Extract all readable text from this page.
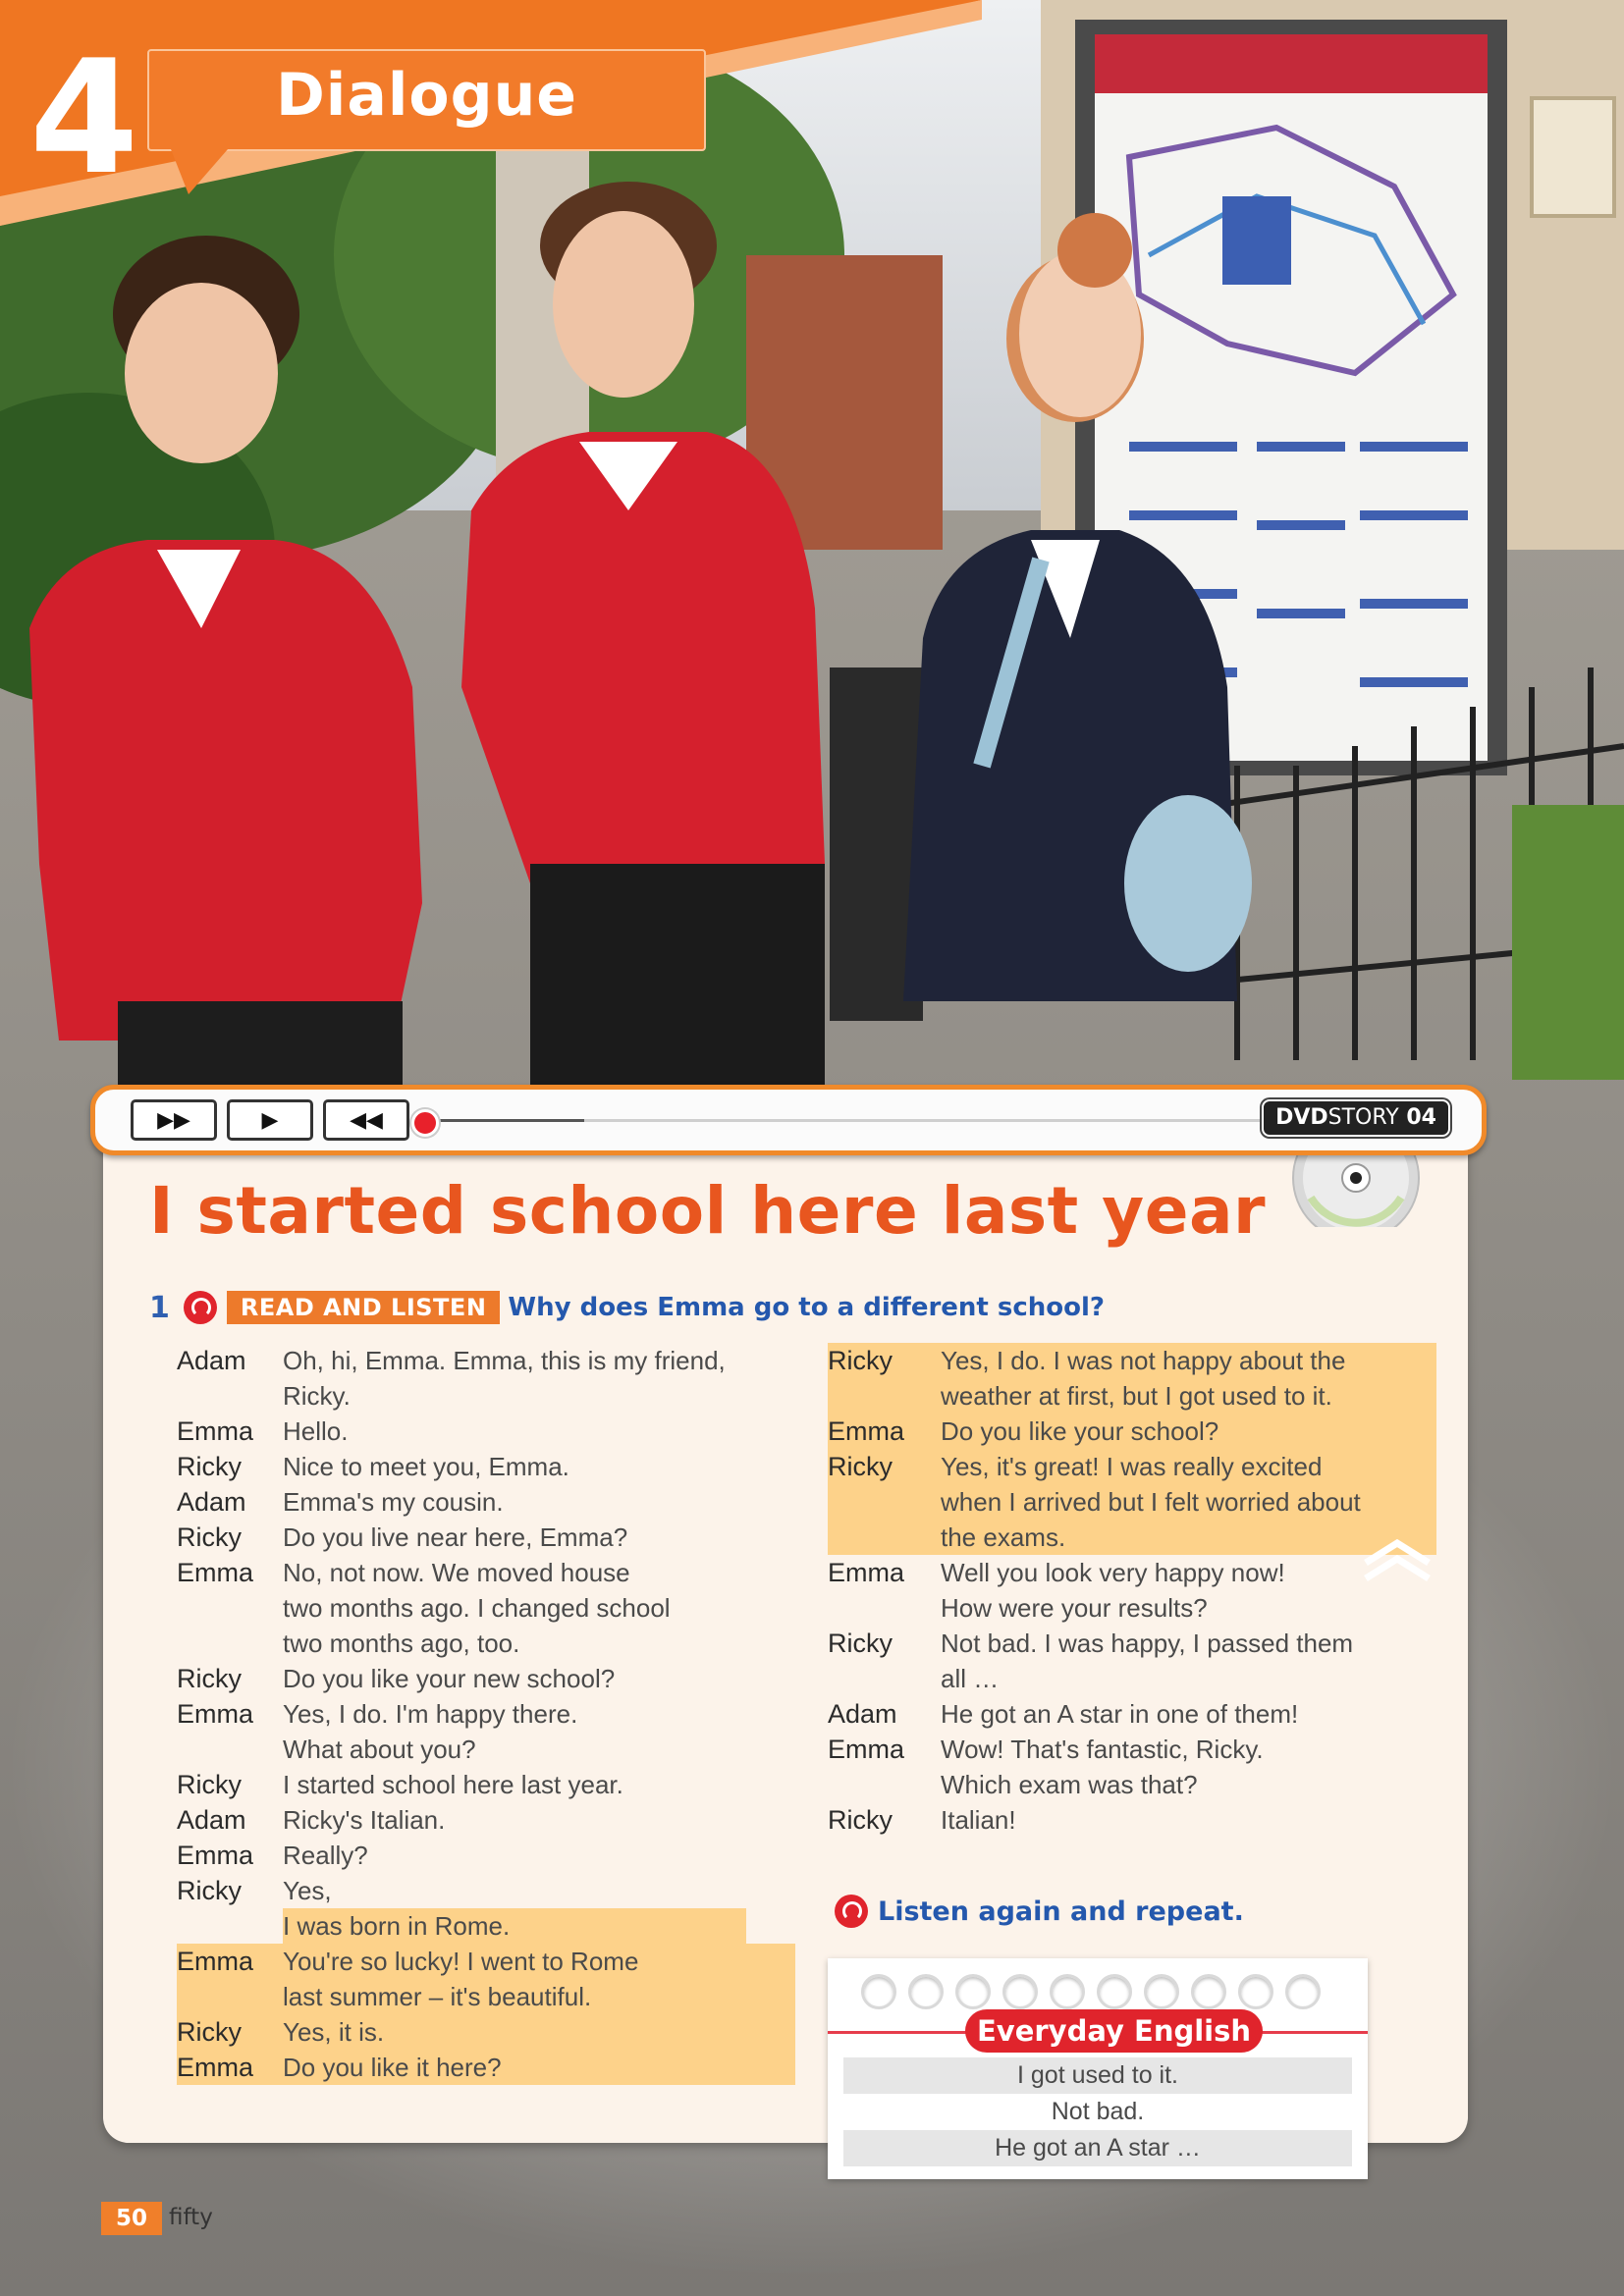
4	Dialogue
▶▶	▶	◀◀	DVDSTORY 04
I started school here last year
1	READ AND LISTEN Why does Emma go to a different school?
Adam	Oh, hi, Emma. Emma, this is my friend,
Ricky.
Emma	Hello.
Ricky	Nice to meet you, Emma.
Adam	Emma's my cousin.
Ricky	Do you live near here, Emma?
Emma	No, not now. We moved house
two months ago. I changed school
two months ago, too.
Ricky	Do you like your new school?
Emma	Yes, I do. I'm happy there.
What about you?
Ricky	I started school here last year.
Adam	Ricky's Italian.
Emma	Really?
Ricky	Yes, I was born in Rome.
Emma	You're so lucky! I went to Rome
last summer – it's beautiful.
Ricky	Yes, it is.
Emma	Do you like it here?
Ricky	Yes, I do. I was not happy about the
weather at first, but I got used to it.
Emma	Do you like your school?
Ricky	Yes, it's great! I was really excited
when I arrived but I felt worried about
the exams.
Emma	Well you look very happy now!
How were your results?
Ricky	Not bad. I was happy, I passed them
all …
Adam	He got an A star in one of them!
Emma	Wow! That's fantastic, Ricky.
Which exam was that?
Ricky	Italian!
Listen again and repeat.
Everyday English
I got used to it.
Not bad.
He got an A star …
50 fifty
